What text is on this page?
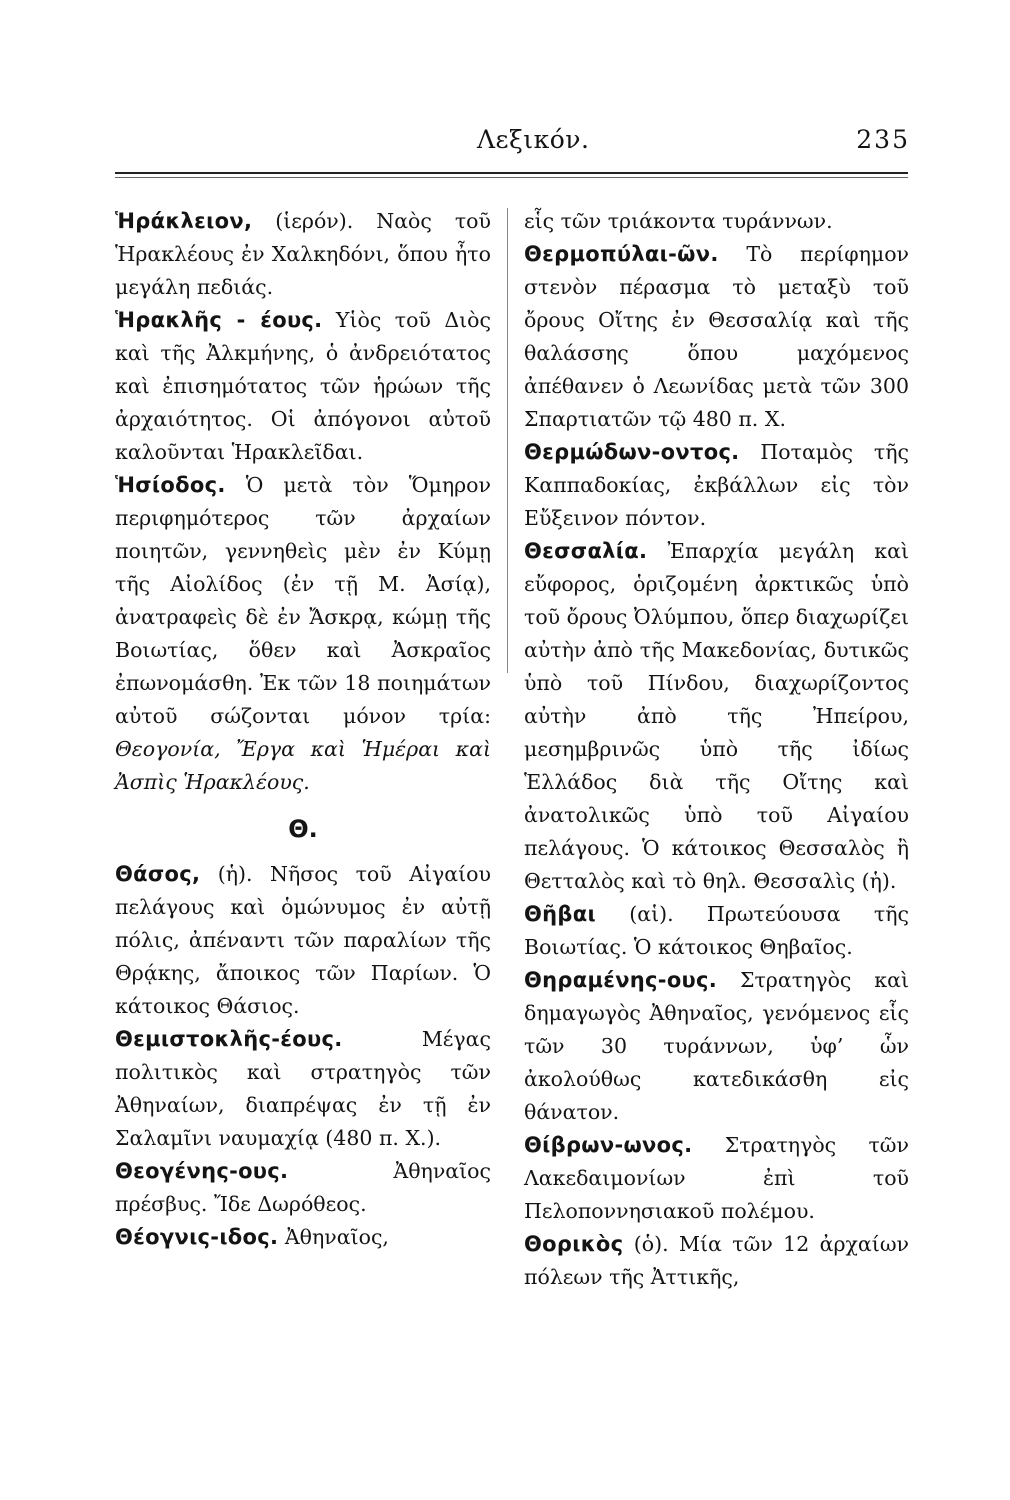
Λεξικόν.	235

Ἡράκλειον, (ἱερόν). Ναὸς τοῦ Ἡρακλέους ἐν Χαλκηδόνι, ὅπου ἦτο μεγάλη πεδιάς.

Ἡρακλῆς - έους. Υἱὸς τοῦ Διὸς καὶ τῆς Ἀλκμήνης, ὁ ἀνδρειότατος καὶ ἐπισημότατος τῶν ἡρώων τῆς ἀρχαιότητος. Οἱ ἀπόγονοι αὐτοῦ καλοῦνται Ἡρακλεῖδαι.

Ἡσίοδος. Ὁ μετὰ τὸν Ὅμηρον περιφημότερος τῶν ἀρχαίων ποιητῶν, γεννηθεὶς μὲν ἐν Κύμῃ τῆς Αἰολίδος (ἐν τῇ Μ. Ἀσίᾳ), ἀνατραφεὶς δὲ ἐν Ἄσκρᾳ, κώμῃ τῆς Βοιωτίας, ὅθεν καὶ Ἀσκραῖος ἐπωνομάσθη. Ἐκ τῶν 18 ποιημάτων αὐτοῦ σώζονται μόνον τρία: Θεογονία, Ἔργα καὶ Ἡμέραι καὶ Ἀσπὶς Ἡρακλέους.

Θ.

Θάσος, (ἡ). Νῆσος τοῦ Αἰγαίου πελάγους καὶ ὁμώνυμος ἐν αὐτῇ πόλις, ἀπέναντι τῶν παραλίων τῆς Θρᾴκης, ἄποικος τῶν Παρίων. Ὁ κάτοικος Θάσιος.

Θεμιστοκλῆς-έους.	Μέγας πολιτικὸς καὶ στρατηγὸς τῶν Ἀθηναίων, διαπρέψας ἐν τῇ ἐν Σαλαμῖνι ναυμαχίᾳ (480 π. Χ.).

Θεογένης-ους.	Ἀθηναῖος πρέσβυς. Ἴδε Δωρόθεος.

Θέογνις-ιδος. Ἀθηναῖος,

εἷς τῶν τριάκοντα τυράννων.

Θερμοπύλαι-ῶν. Τὸ περίφημον στενὸν πέρασμα τὸ μεταξὺ τοῦ ὄρους Οἴτης ἐν Θεσσαλίᾳ καὶ τῆς θαλάσσης ὅπου μαχόμενος ἀπέθανεν ὁ Λεωνίδας μετὰ τῶν 300 Σπαρτιατῶν τῷ 480 π. Χ.

Θερμώδων-οντος. Ποταμὸς τῆς Καππαδοκίας, ἐκβάλλων εἰς τὸν Εὔξεινον πόντον.

Θεσσαλία. Ἐπαρχία μεγάλη καὶ εὔφορος, ὁριζομένη ἀρκτικῶς ὑπὸ τοῦ ὄρους Ὀλύμπου, ὅπερ διαχωρίζει αὐτὴν ἀπὸ τῆς Μακεδονίας, δυτικῶς ὑπὸ τοῦ Πίνδου, διαχωρίζοντος αὐτὴν ἀπὸ τῆς Ἠπείρου, μεσημβρινῶς ὑπὸ τῆς ἰδίως Ἑλλάδος διὰ τῆς Οἴτης καὶ ἀνατολικῶς ὑπὸ τοῦ Αἰγαίου πελάγους. Ὁ κάτοικος Θεσσαλὸς ἢ Θετταλὸς καὶ τὸ θηλ. Θεσσαλὶς (ἡ).

Θῆβαι (αἱ). Πρωτεύουσα τῆς Βοιωτίας. Ὁ κάτοικος Θηβαῖος.

Θηραμένης-ους. Στρατηγὸς καὶ δημαγωγὸς Ἀθηναῖος, γενόμενος εἷς τῶν 30 τυράννων, ὑφ’ ὧν ἀκολούθως κατεδικάσθη εἰς θάνατον.

Θίβρων-ωνος. Στρατηγὸς τῶν Λακεδαιμονίων ἐπὶ τοῦ Πελοποννησιακοῦ πολέμου.

Θορικὸς (ὁ). Μία τῶν 12 ἀρχαίων πόλεων τῆς Ἀττικῆς,
